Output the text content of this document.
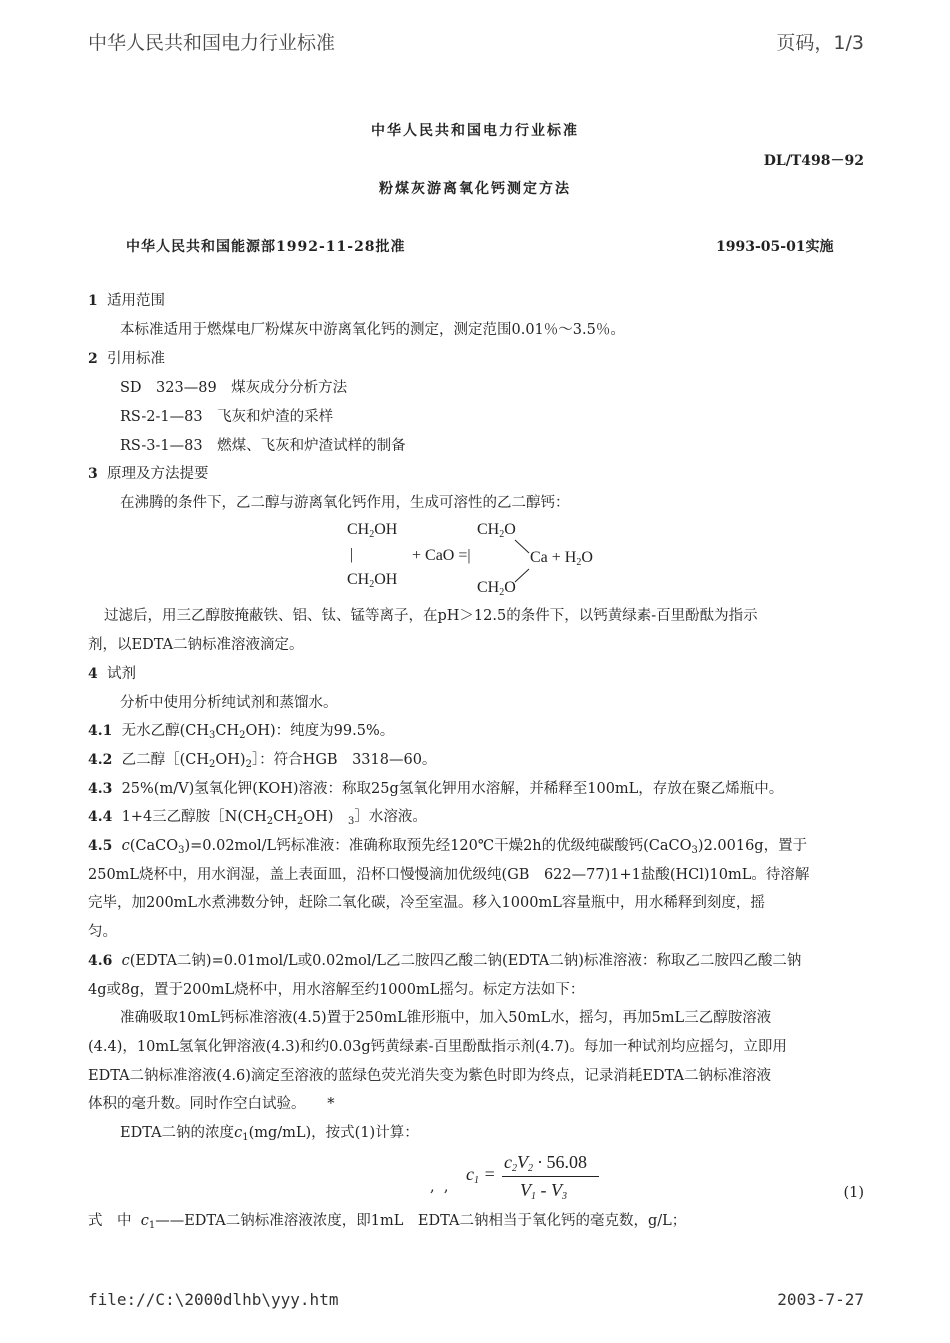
中华人民共和国电力行业标准	页码，1/3
中华人民共和国电力行业标准
DL/T498－92
粉煤灰游离氧化钙测定方法
中华人民共和国能源部1992-11-28批准	1993-05-01实施
1 适用范围
本标准适用于燃煤电厂粉煤灰中游离氧化钙的测定，测定范围0.01％～3.5％。
2 引用标准
SD　323—89　煤灰成分分析方法
RS-2-1—83　飞灰和炉渣的采样
RS-3-1—83　燃煤、飞灰和炉渣试样的制备
3 原理及方法提要
在沸腾的条件下，乙二醇与游离氧化钙作用，生成可溶性的乙二醇钙：
$CH_2OH$
|
$CH_2OH$
+ CaO =|
$CH_2O$
$CH_2O$
$Ca + H_2O$
过滤后，用三乙醇胺掩蔽铁、铝、钛、锰等离子，在pH＞12.5的条件下，以钙黄绿素-百里酚酞为指示
剂，以EDTA二钠标准溶液滴定。
4 试剂
分析中使用分析纯试剂和蒸馏水。
4.1 无水乙醇$(CH_3CH_2OH)$：纯度为99.5%。
4.2 乙二醇$[(CH_2OH)_2]$：符合HGB　3318—60。
4.3 25%(m/V)氢氧化钾(KOH)溶液：称取25g氢氧化钾用水溶解，并稀释至100mL，存放在聚乙烯瓶中。
4.4 1+4三乙醇胺$[N(CH_2CH_2OH)$　$_3$］水溶液。
4.5 c(CaCO$_3$)=0.02mol/L钙标准液：准确称取预先经120℃干燥2h的优级纯碳酸钙(CaCO$_3$)2.0016g，置于
250mL烧杯中，用水润湿，盖上表面皿，沿杯口慢慢滴加优级纯(GB　622—77)1+1盐酸(HCl)10mL。待溶解
完毕，加200mL水煮沸数分钟，赶除二氧化碳，冷至室温。移入1000mL容量瓶中，用水稀释到刻度，摇
匀。
4.6 c(EDTA二钠)=0.01mol/L或0.02mol/L乙二胺四乙酸二钠(EDTA二钠)标准溶液：称取乙二胺四乙酸二钠
4g或8g，置于200mL烧杯中，用水溶解至约1000mL摇匀。标定方法如下：
准确吸取10mL钙标准溶液(4.5)置于250mL锥形瓶中，加入50mL水，摇匀，再加5mL三乙醇胺溶液
(4.4)，10mL氢氧化钾溶液(4.3)和约0.03g钙黄绿素-百里酚酞指示剂(4.7)。每加一种试剂均应摇匀，立即用
EDTA二钠标准溶液(4.6)滴定至溶液的蓝绿色荧光消失变为紫色时即为终点，记录消耗EDTA二钠标准溶液
体积的毫升数。同时作空白试验。　　*
EDTA二钠的浓度$c_1(mg/mL)$，按式(1)计算：
,  ,
$c_1$ =
$c_2V_2 \cdot 56.08$
$V_1 - V_3$	(1)
式　中 $c_1——EDTA$二钠标准溶液浓度，即1mL　EDTA二钠相当于氧化钙的毫克数，g/L；
file://C:\2000dlhb\yyy.htm	2003-7-27
